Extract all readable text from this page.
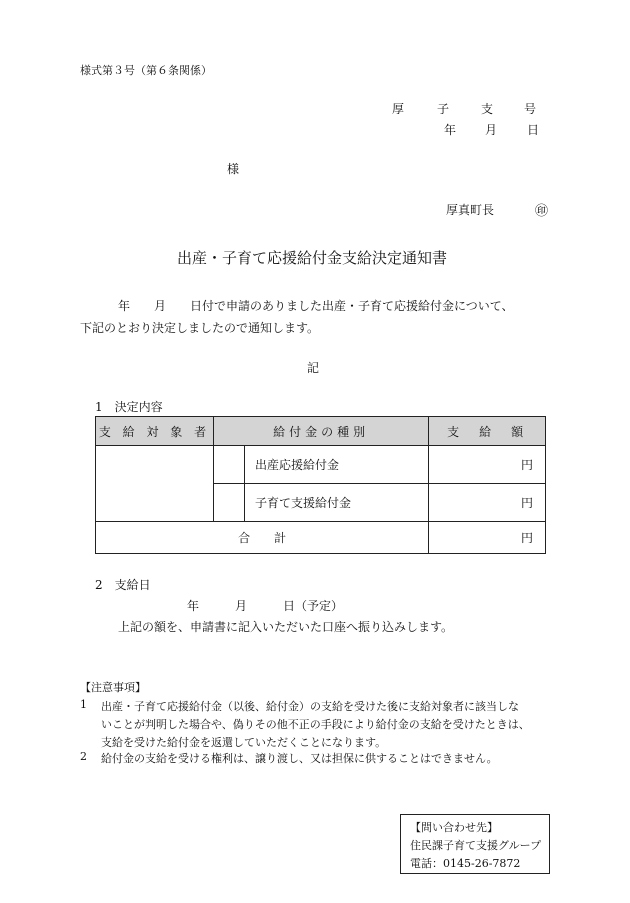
様式第３号（第６条関係）
厚	子	支	号
年 月 日
様
厚真町長	㊞
出産・子育て応援給付金支給決定通知書
年　　月　　日付で申請のありました出産・子育て応援給付金について、
下記のとおり決定しましたので通知します。
記
1　決定内容
支 給 対 象 者	給付金の種別		支　給　額
		出産応援給付金	円
		子育て支援給付金	円
合　　計			円
2　支給日
年　　　月　　　日（予定）
上記の額を、申請書に記入いただいた口座へ振り込みします。
【注意事項】
1 出産・子育て応援給付金（以後、給付金）の支給を受けた後に支給対象者に該当しな
いことが判明した場合や、偽りその他不正の手段により給付金の支給を受けたときは、
支給を受けた給付金を返還していただくことになります。
2 給付金の支給を受ける権利は、譲り渡し、又は担保に供することはできません。
【問い合わせ先】
住民課子育て支援グループ
電話：0145-26-7872
